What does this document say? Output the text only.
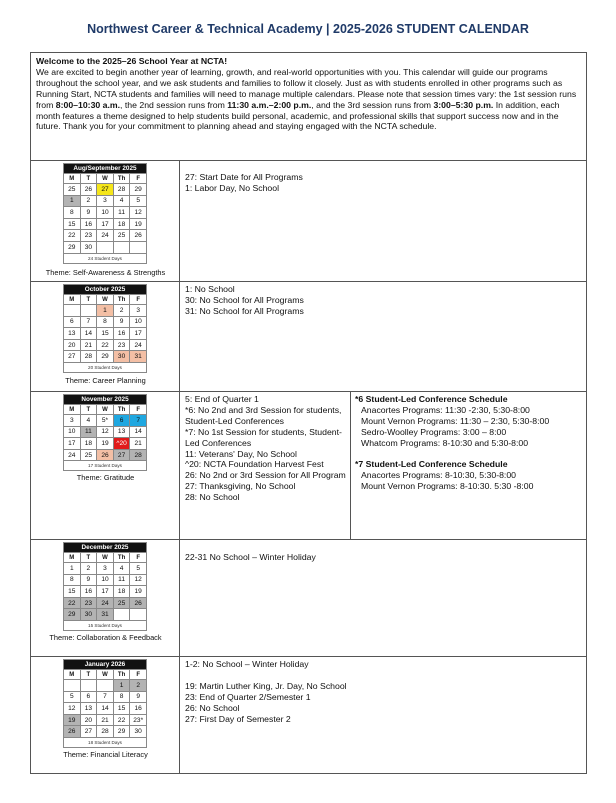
Northwest Career & Technical Academy | 2025-2026 STUDENT CALENDAR
Welcome to the 2025–26 School Year at NCTA!
We are excited to begin another year of learning, growth, and real-world opportunities with you. This calendar will guide our programs throughout the school year, and we ask students and families to follow it closely. Just as with students enrolled in other programs such as Running Start, NCTA students and families will need to manage multiple calendars. Please note that session times vary: the 1st session runs from 8:00–10:30 a.m., the 2nd session runs from 11:30 a.m.–2:00 p.m., and the 3rd session runs from 3:00–5:30 p.m. In addition, each month features a theme designed to help students build personal, academic, and professional skills that support success now and in the future. Thank you for your commitment to planning ahead and staying engaged with the NCTA schedule.
Aug/September 2025				
M	T	W	Th	F
25	26	27	28	29
1	2	3	4	5
8	9	10	11	12
15	16	17	18	19
22	23	24	25	26
29	30			
24 Student Days				
Theme: Self-Awareness & Strengths
27: Start Date for All Programs
1: Labor Day, No School
October 2025				
M	T	W	Th	F
		1	2	3
6	7	8	9	10
13	14	15	16	17
20	21	22	23	24
27	28	29	30	31
20 Student Days				
Theme: Career Planning
1: No School
30: No School for All Programs
31: No School for All Programs
November 2025				
M	T	W	Th	F
3	4	5*	6	7
10	11	12	13	14
17	18	19	^20	21
24	25	26	27	28
17 Student Days				
Theme: Gratitude
5: End of Quarter 1
*6: No 2nd and 3rd Session for students, Student-Led Conferences
*7: No 1st Session for students, Student-Led Conferences
11: Veterans' Day, No School
^20: NCTA Foundation Harvest Fest
26: No 2nd or 3rd Session for All Program
27: Thanksgiving, No School
28: No School
*6 Student-Led Conference Schedule
Anacortes Programs: 11:30 -2:30, 5:30-8:00
Mount Vernon Programs: 11:30 – 2:30, 5:30-8:00
Sedro-Woolley Programs: 3:00 – 8:00
Whatcom Programs: 8-10:30 and 5:30-8:00
*7 Student-Led Conference Schedule
Anacortes Programs: 8-10:30, 5:30-8:00
Mount Vernon Programs: 8-10:30. 5:30 -8:00
December 2025				
M	T	W	Th	F
1	2	3	4	5
8	9	10	11	12
15	16	17	18	19
22	23	24	25	26
29	30	31		
15 Student Days				
Theme: Collaboration & Feedback
22-31 No School – Winter Holiday
January 2026				
M	T	W	Th	F
			1	2
5	6	7	8	9
12	13	14	15	16
19	20	21	22	23*
26	27	28	29	30
18 Student Days				
Theme: Financial Literacy
1-2: No School – Winter Holiday
19: Martin Luther King, Jr. Day, No School
23: End of Quarter 2/Semester 1
26: No School
27: First Day of Semester 2
